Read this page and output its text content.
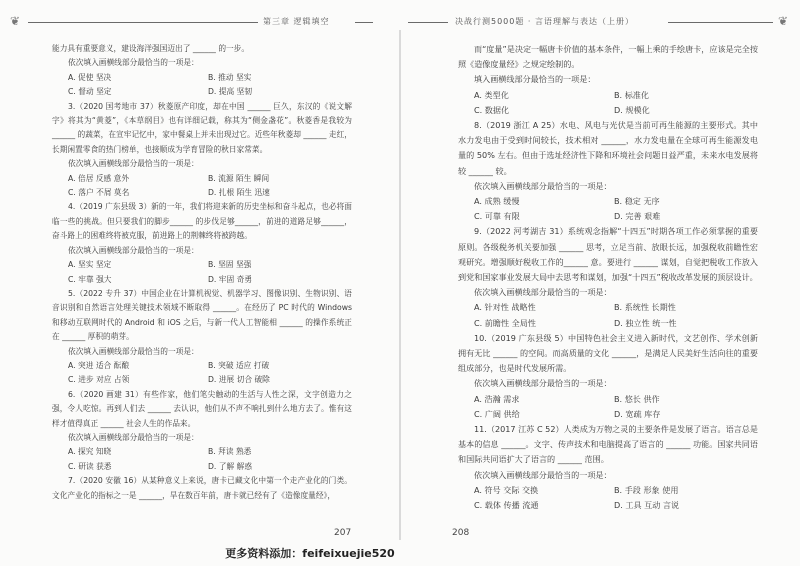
❦	第三章 逻辑填空
能力具有重要意义，建设海洋强国迈出了 ______ 的一步。
依次填入画横线部分最恰当的一项是：
A. 促使 坚决	B. 推动 坚实
C. 督动 坚定	D. 提高 坚韧
3.（2020 国考地市 37）秋菱原产印度，却在中国 ______ 巨久，东汉的《说文解字》将其为“黄菱”，《本草纲目》也有详细记载，称其为“侧金盏花”。秋菱香是我较为 ______ 的蔬菜，在宣牢记忆中，家中餐桌上并未出现过它。近些年秋菱却 ______ 走红，长期闲置零食的热门榜单，也接顺成为学育冒险的秋日家常菜。
依次填入画横线部分最恰当的一项是：
A. 倍居 反感 意外	B. 流源 陌生 瞬间
C. 落户 不屑 莫名	D. 扎根 陌生 迅速
4.（2019 广东县级 3）新的一年，我们将迎来新的历史坐标和奋斗起点，也必将面临一些的挑战。但只要我们的脚步______ 的步伐足够______，前进的道路足够______，奋斗路上的困难终将被克服，前进路上的荆棘终将被跨越。
依次填入画横线部分最恰当的一项是：
A. 坚实 坚定	B. 坚固 坚强
C. 牢靠 强大	D. 牢固 奇勇
5.（2022 专升 37）中国企业在计算机视觉、机器学习、图像识别、生物识别、语音识别和自然语言处理关键技术领域不断取得 ______。在经历了 PC 时代的 Windows 和移动互联网时代的 Android 和 iOS 之后，与新一代人工智能相 ______ 的操作系统正在 ______ 厚积的萌芽。
依次填入画横线部分最恰当的一项是：
A. 突进 适合 酝酿	B. 突破 适应 打破
C. 进步 对应 占领	D. 进展 切合 破除
6.（2020 画建 31）有些作家，他们笔尖触动的生活与人性之深，文字创造力之强，令人吃惊。再到人们去 ______ 去认识，他们从不声不响扎到什么地方去了。惟有这样才值得真正 ______ 社会人生的作品来。
依次填入画横线部分最恰当的一项是：
A. 探究 知晓	B. 拜读 熟悉
C. 研读 获悉	D. 了解 解惑
7.（2020 安徽 16）从某种意义上来说，唐卡已藏文化中第一个走产业化的门类。文化产业化的指标之一是 ______，旱在数百年前，唐卡就已经有了《造像度量经》，
207
决战行测5000题 · 言语理解与表达（上册）	❦
而“度量”是决定一幅唐卡价值的基本条件，一幅上乘的手绘唐卡，应该是完全按照《造像度量经》之规定绘制的。
填入画横线部分最恰当的一项是：
A. 类型化	B. 标准化
C. 数据化	D. 规模化
8.（2019 浙江 A 25）水电、风电与光伏是当前可再生能源的主要形式。其中水力发电由于受到时间较长，技术相对 ______，水力发电量在全球可再生能源发电量的 50% 左右。但由于选址经济性下降和环境社会问题日益严重，未来水电发展将较 ______ 较。
依次填入画横线部分最恰当的一项是：
A. 成熟 缓慢	B. 稳定 无序
C. 可靠 有限	D. 完善 艰难
9.（2022 河考湖吉 31）系统观念指解“十四五”时期各项工作必须掌握的重要原则。各级税务机关要加强 ______ 思考，立足当前、放眼长远，加强税收前瞻性宏观研究。增强顺好税收工作的______ 意。要进行 ______ 谋划，自觉把税收工作放入到党和国家事业发展大局中去思考和谋划，加强“十四五”税收改革发展的顶层设计。
依次填入画横线部分最恰当的一项是：
A. 针对性 战略性	B. 系统性 长期性
C. 前瞻性 全局性	D. 独立性 统一性
10.（2019 广东县级 5）中国特色社会主义进入新时代，文艺创作、学术创新拥有无比 ______ 的空间。而高质量的文化 ______，是满足人民美好生活向往的重要组成部分，也是时代发展所需。
依次填入画横线部分最恰当的一项是：
A. 浩瀚 需求	B. 悠长 供作
C. 广阔 供给	D. 宽疏 库存
11.（2017 江苏 C 52）人类成为万物之灵的主要条件是发展了语言。语言总是基本的信息 ______。文字、传声技术和电脑提高了语言的 ______ 功能。国家共同语和国际共同语扩大了语言的 ______ 范围。
依次填入画横线部分最恰当的一项是：
A. 符号 交际 交换	B. 手段 形象 使用
C. 载体 传播 流通	D. 工具 互动 言说
208
更多资料添加：feifeixuejie520
